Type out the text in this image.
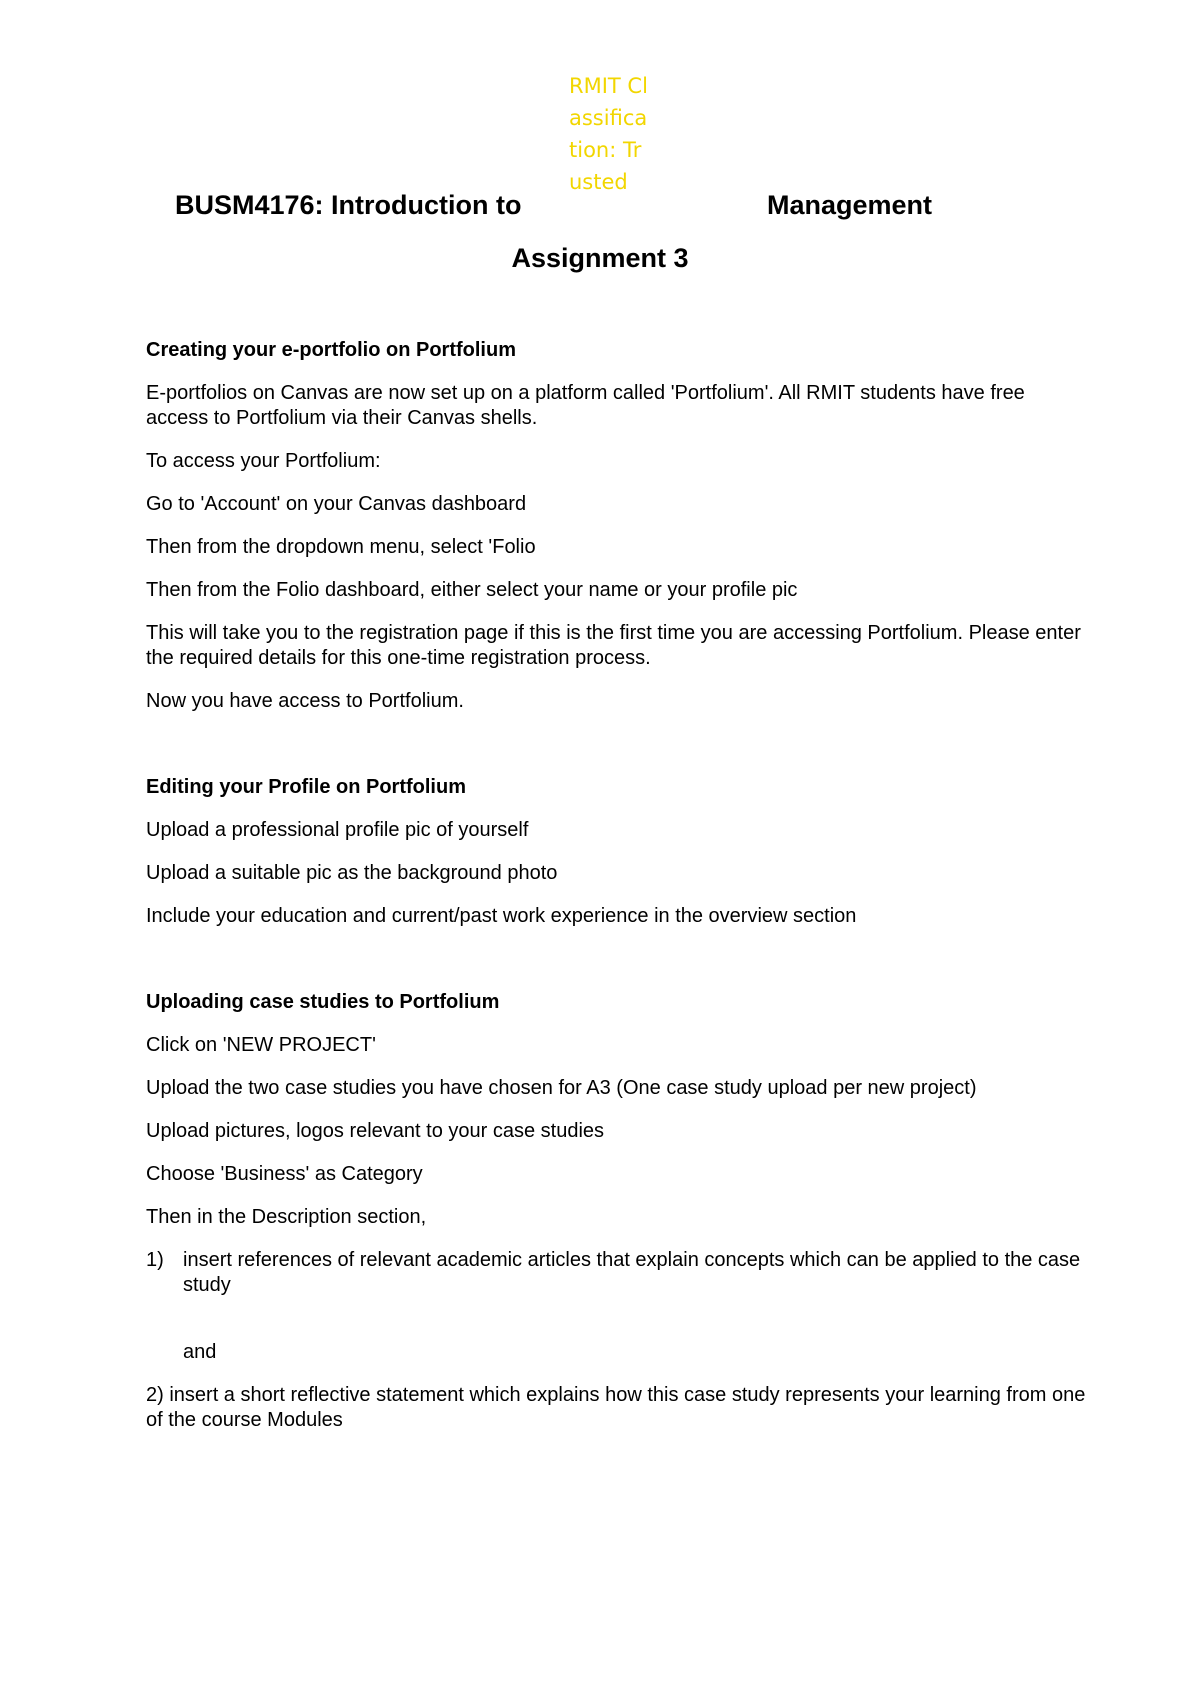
BUSM4176: Introduction to
RMIT Classification: Trusted
Management
Assignment 3
Creating your e-portfolio on Portfolium

E-portfolios on Canvas are now set up on a platform called 'Portfolium'. All RMIT students have free access to Portfolium via their Canvas shells.

To access your Portfolium:

Go to 'Account' on your Canvas dashboard

Then from the dropdown menu, select 'Folio

Then from the Folio dashboard, either select your name or your profile pic

This will take you to the registration page if this is the first time you are accessing Portfolium. Please enter the required details for this one-time registration process.

Now you have access to Portfolium.

Editing your Profile on Portfolium

Upload a professional profile pic of yourself

Upload a suitable pic as the background photo

Include your education and current/past work experience in the overview section

Uploading case studies to Portfolium

Click on 'NEW PROJECT'

Upload the two case studies you have chosen for A3 (One case study upload per new project)

Upload pictures, logos relevant to your case studies

Choose 'Business' as Category

Then in the Description section,

1) insert references of relevant academic articles that explain concepts which can be applied to the case study

and

2) insert a short reflective statement which explains how this case study represents your learning from one of the course Modules
